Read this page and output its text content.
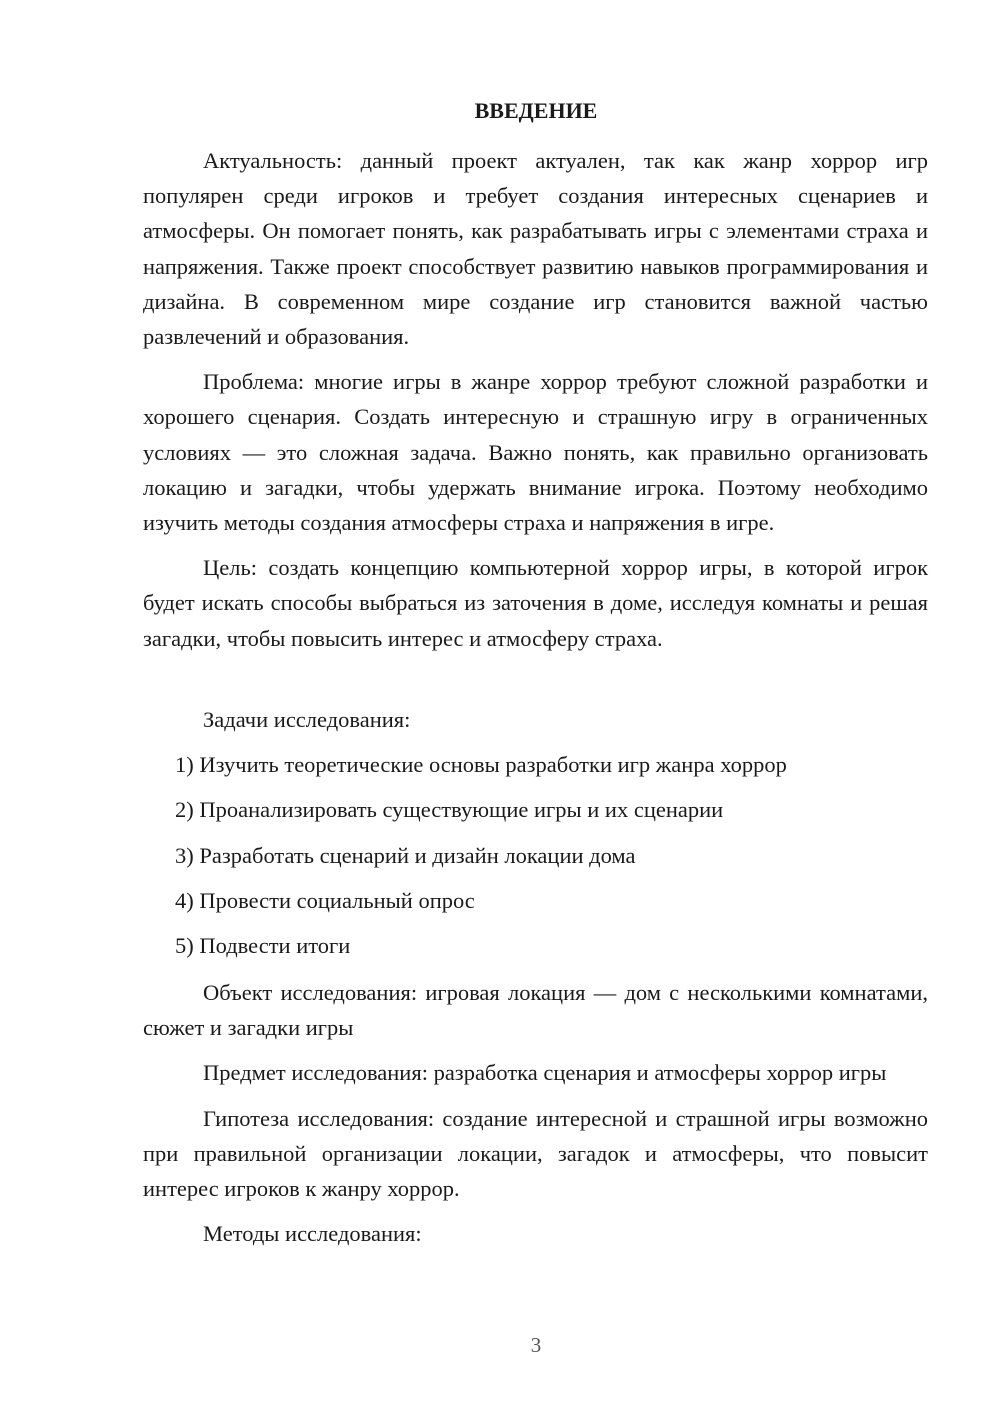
ВВЕДЕНИЕ

Актуальность: данный проект актуален, так как жанр хоррор игр популярен среди игроков и требует создания интересных сценариев и атмосферы. Он помогает понять, как разрабатывать игры с элементами страха и напряжения. Также проект способствует развитию навыков программирования и дизайна. В современном мире создание игр становится важной частью развлечений и образования.

Проблема: многие игры в жанре хоррор требуют сложной разработки и хорошего сценария. Создать интересную и страшную игру в ограниченных условиях — это сложная задача. Важно понять, как правильно организовать локацию и загадки, чтобы удержать внимание игрока. Поэтому необходимо изучить методы создания атмосферы страха и напряжения в игре.

Цель: создать концепцию компьютерной хоррор игры, в которой игрок будет искать способы выбраться из заточения в доме, исследуя комнаты и решая загадки, чтобы повысить интерес и атмосферу страха.

Задачи исследования:

1) Изучить теоретические основы разработки игр жанра хоррор

2) Проанализировать существующие игры и их сценарии

3) Разработать сценарий и дизайн локации дома

4) Провести социальный опрос

5) Подвести итоги

Объект исследования: игровая локация — дом с несколькими комнатами, сюжет и загадки игры

Предмет исследования: разработка сценария и атмосферы хоррор игры

Гипотеза исследования: создание интересной и страшной игры возможно при правильной организации локации, загадок и атмосферы, что повысит интерес игроков к жанру хоррор.

Методы исследования:

3
